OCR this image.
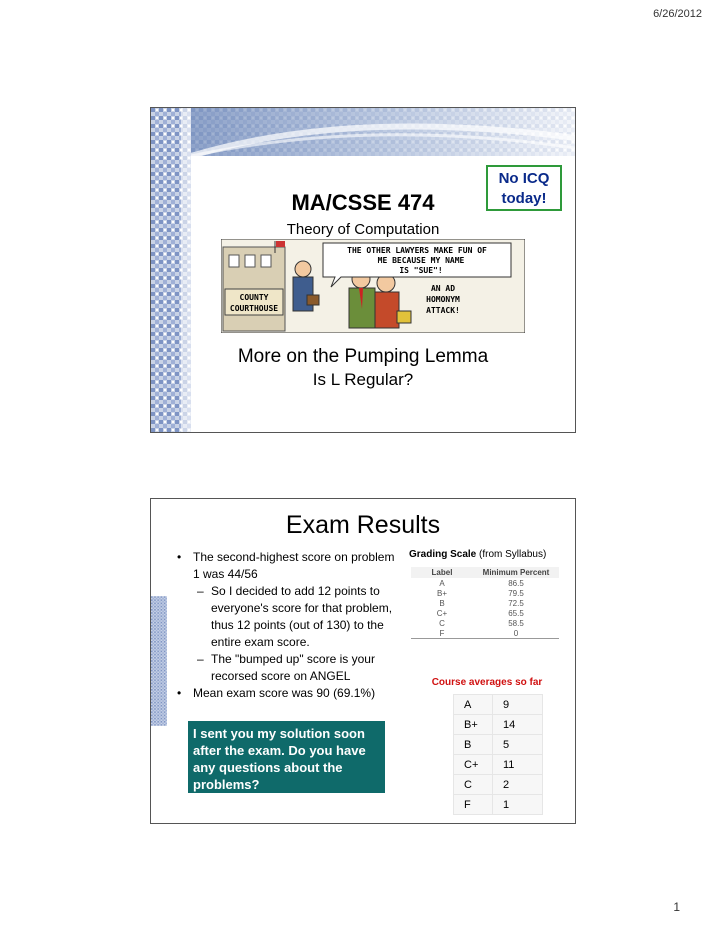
6/26/2012
No ICQ
today!
MA/CSSE 474
Theory of Computation
COUNTY
COURTHOUSE
THE OTHER LAWYERS MAKE FUN OF
ME BECAUSE MY NAME
IS "SUE"!
AN AD
HOMONYM
ATTACK!
More on the Pumping Lemma
Is L Regular?
Exam Results
• The second-highest score on problem 1 was 44/56
– So I decided to add 12 points to everyone's score for that problem, thus 12 points (out of 130) to the entire exam score.
– The "bumped up" score is your recorsed score on ANGEL
• Mean exam score was 90 (69.1%)
Grading Scale (from Syllabus)
Label	Minimum Percent
A	86.5
B+	79.5
B	72.5
C+	65.5
C	58.5
F	0
Course averages so far
A	9
B+	14
B	5
C+	11
C	2
F	1
I sent you my solution soon after the exam. Do you have any questions about the problems?
1
